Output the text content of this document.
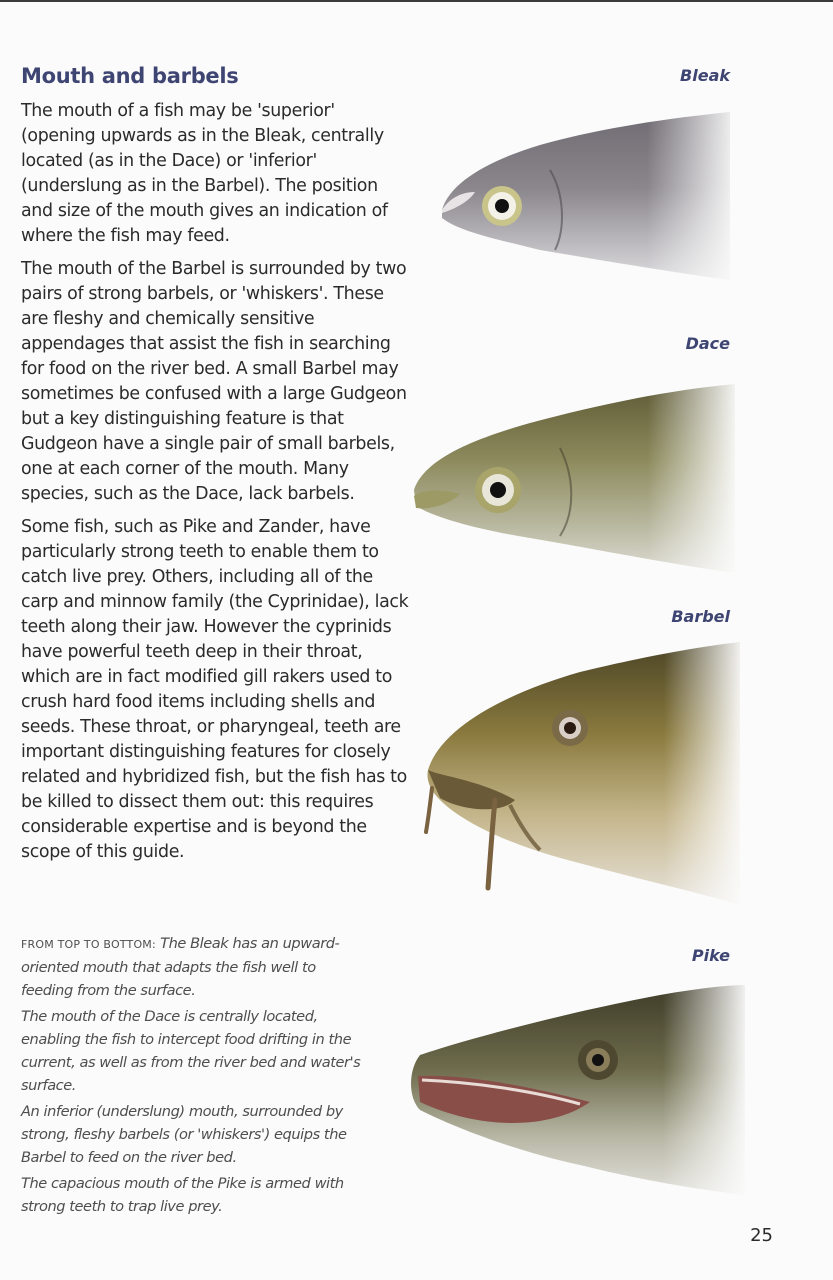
Mouth and barbels

The mouth of a fish may be 'superior' (opening upwards as in the Bleak, centrally located (as in the Dace) or 'inferior' (underslung as in the Barbel). The position and size of the mouth gives an indication of where the fish may feed.

The mouth of the Barbel is surrounded by two pairs of strong barbels, or 'whiskers'. These are fleshy and chemically sensitive appendages that assist the fish in searching for food on the river bed. A small Barbel may sometimes be confused with a large Gudgeon but a key distinguishing feature is that Gudgeon have a single pair of small barbels, one at each corner of the mouth. Many species, such as the Dace, lack barbels.

Some fish, such as Pike and Zander, have particularly strong teeth to enable them to catch live prey. Others, including all of the carp and minnow family (the Cyprinidae), lack teeth along their jaw. However the cyprinids have powerful teeth deep in their throat, which are in fact modified gill rakers used to crush hard food items including shells and seeds. These throat, or pharyngeal, teeth are important distinguishing features for closely related and hybridized fish, but the fish has to be killed to dissect them out: this requires considerable expertise and is beyond the scope of this guide.

FROM TOP TO BOTTOM: The Bleak has an upward-oriented mouth that adapts the fish well to feeding from the surface.

The mouth of the Dace is centrally located, enabling the fish to intercept food drifting in the current, as well as from the river bed and water's surface.

An inferior (underslung) mouth, surrounded by strong, fleshy barbels (or 'whiskers') equips the Barbel to feed on the river bed.

The capacious mouth of the Pike is armed with strong teeth to trap live prey.

Bleak
Dace
Barbel
Pike
25
